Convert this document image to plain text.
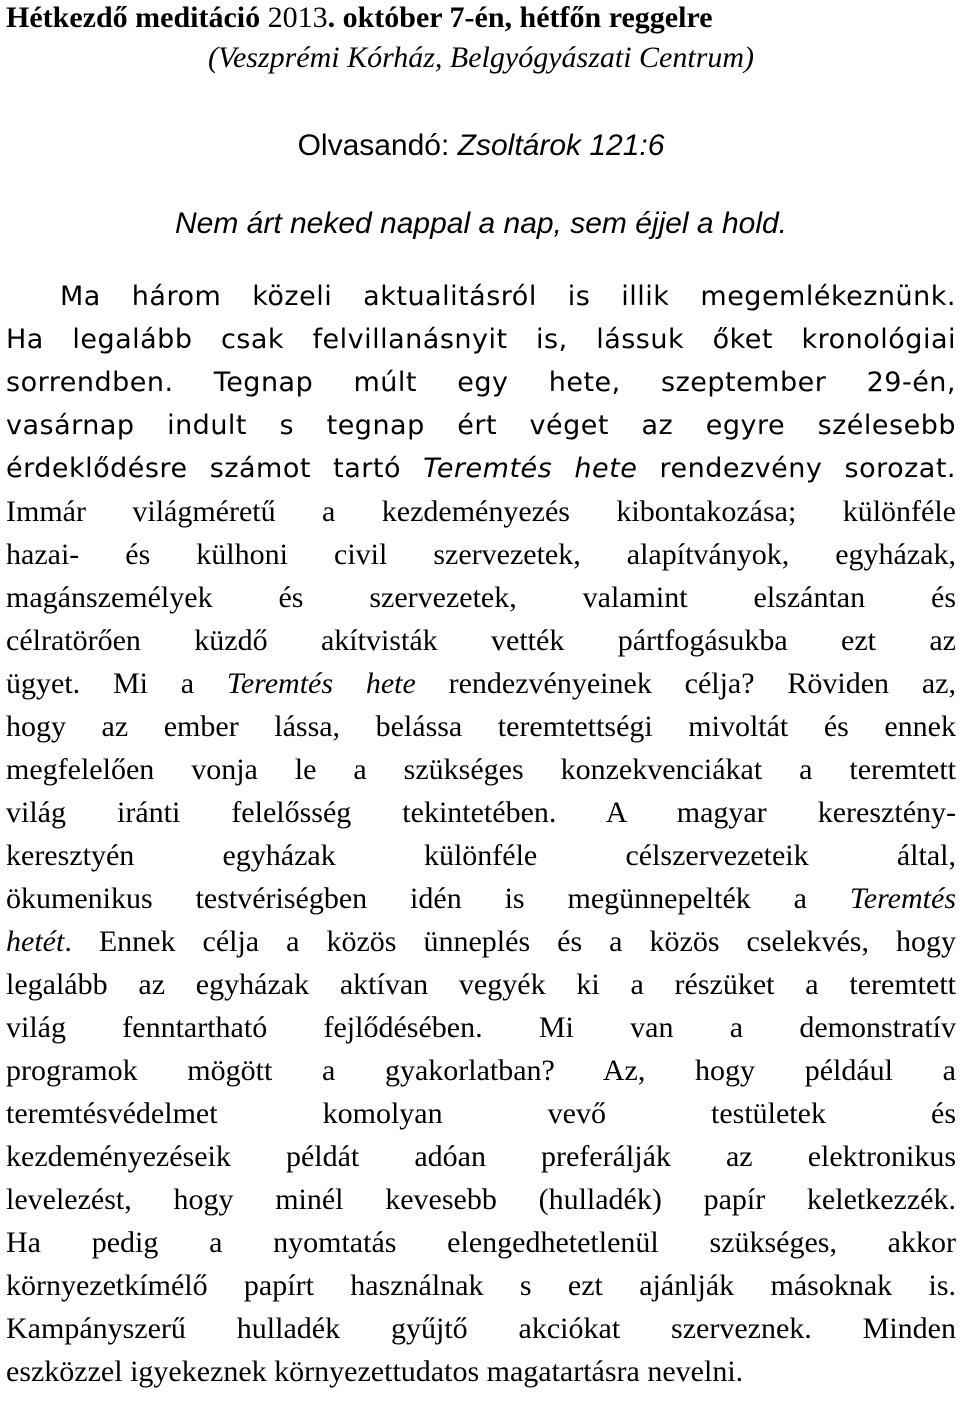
Hétkezdő meditáció 2013. október 7-én, hétfőn reggelre
(Veszprémi Kórház, Belgyógyászati Centrum)
Olvasandó: Zsoltárok 121:6
Nem árt neked nappal a nap, sem éjjel a hold.
Ma három közeli aktualitásról is illik megemlékeznünk.
Ha legalább csak felvillanásnyit is, lássuk őket kronológiai
sorrendben. Tegnap múlt egy hete, szeptember 29-én,
vasárnap indult s tegnap ért véget az egyre szélesebb
érdeklődésre számot tartó Teremtés hete rendezvény sorozat.
Immár világméretű a kezdeményezés kibontakozása; különféle
hazai- és külhoni civil szervezetek, alapítványok, egyházak,
magánszemélyek és szervezetek, valamint elszántan és
célratörően küzdő akítvisták vették pártfogásukba ezt az
ügyet. Mi a Teremtés hete rendezvényeinek célja? Röviden az,
hogy az ember lássa, belássa teremtettségi mivoltát és ennek
megfelelően vonja le a szükséges konzekvenciákat a teremtett
világ iránti felelősség tekintetében. A magyar keresztény-
keresztyén egyházak különféle célszervezeteik által,
ökumenikus testvériségben idén is megünnepelték a Teremtés
hetét. Ennek célja a közös ünneplés és a közös cselekvés, hogy
legalább az egyházak aktívan vegyék ki a részüket a teremtett
világ fenntartható fejlődésében. Mi van a demonstratív
programok mögött a gyakorlatban? Az, hogy például a
teremtésvédelmet komolyan vevő testületek és
kezdeményezéseik példát adóan preferálják az elektronikus
levelezést, hogy minél kevesebb (hulladék) papír keletkezzék.
Ha pedig a nyomtatás elengedhetetlenül szükséges, akkor
környezetkímélő papírt használnak s ezt ajánlják másoknak is.
Kampányszerű hulladék gyűjtő akciókat szerveznek. Minden
eszközzel igyekeznek környezettudatos magatartásra nevelni.
